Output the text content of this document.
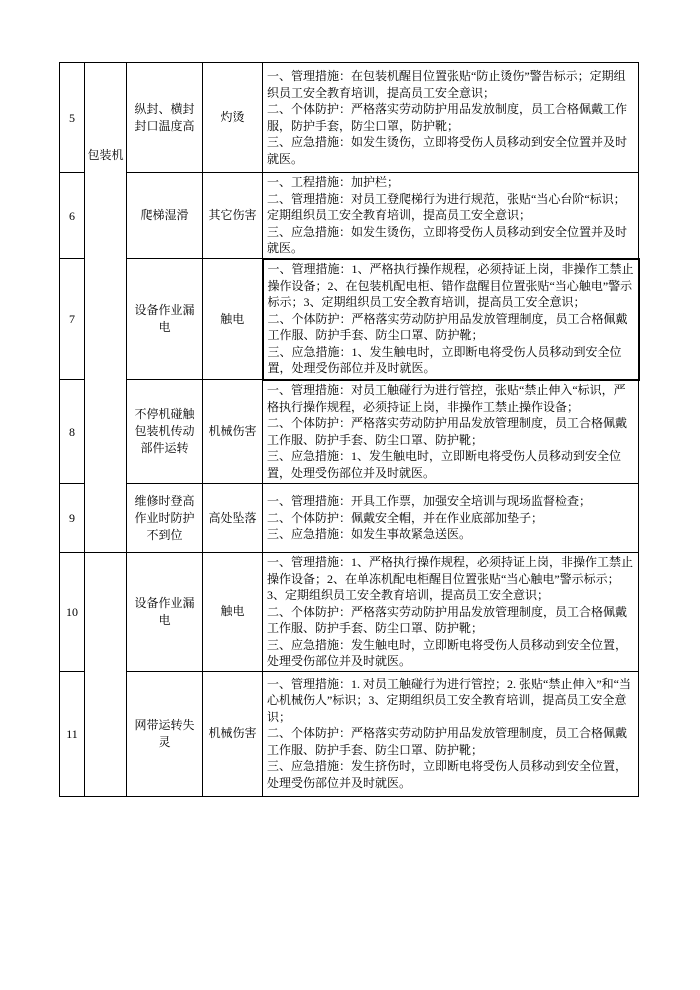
5	包装机	纵封、横封封口温度高	灼烫	一、管理措施：在包装机醒目位置张贴“防止烫伤”警告标示；定期组织员工安全教育培训，提高员工安全意识；
二、个体防护：严格落实劳动防护用品发放制度，员工合格佩戴工作服，防护手套，防尘口罩，防护靴；
三、应急措施：如发生烫伤，立即将受伤人员移动到安全位置并及时就医。

6		爬梯湿滑	其它伤害	一、工程措施：加护栏；
二、管理措施：对员工登爬梯行为进行规范，张贴“当心台阶“标识；定期组织员工安全教育培训，提高员工安全意识；
三、应急措施：如发生烫伤，立即将受伤人员移动到安全位置并及时就医。

7		设备作业漏电	触电	一、管理措施：1、严格执行操作规程，必须持证上岗，非操作工禁止操作设备；2、在包装机配电柜、错作盘醒目位置张贴“当心触电”警示标示；3、定期组织员工安全教育培训，提高员工安全意识；
二、个体防护：严格落实劳动防护用品发放管理制度，员工合格佩戴工作服、防护手套、防尘口罩、防护靴；
三、应急措施：1、发生触电时，立即断电将受伤人员移动到安全位置，处理受伤部位并及时就医。

8		不停机碰触包装机传动部件运转	机械伤害	一、管理措施：对员工触碰行为进行管控，张贴“禁止伸入“标识，严格执行操作规程，必须持证上岗，非操作工禁止操作设备；
二、个体防护：严格落实劳动防护用品发放管理制度，员工合格佩戴工作服、防护手套、防尘口罩、防护靴；
三、应急措施：1、发生触电时，立即断电将受伤人员移动到安全位置，处理受伤部位并及时就医。

9		维修时登高作业时防护不到位	高处坠落	一、管理措施：开具工作票，加强安全培训与现场监督检查；
二、个体防护：佩戴安全帽，并在作业底部加垫子；
三、应急措施：如发生事故紧急送医。

10		设备作业漏电	触电	一、管理措施：1、严格执行操作规程，必须持证上岗，非操作工禁止操作设备；2、在单冻机配电柜醒目位置张贴“当心触电”警示标示；3、定期组织员工安全教育培训，提高员工安全意识；
二、个体防护：严格落实劳动防护用品发放管理制度，员工合格佩戴工作服、防护手套、防尘口罩、防护靴；
三、应急措施：发生触电时，立即断电将受伤人员移动到安全位置，处理受伤部位并及时就医。

11		网带运转失灵	机械伤害	一、管理措施：1. 对员工触碰行为进行管控；2. 张贴“禁止伸入”和“当心机械伤人”标识；3、定期组织员工安全教育培训，提高员工安全意识；
二、个体防护：严格落实劳动防护用品发放管理制度，员工合格佩戴工作服、防护手套、防尘口罩、防护靴；
三、应急措施：发生挤伤时，立即断电将受伤人员移动到安全位置，处理受伤部位并及时就医。
